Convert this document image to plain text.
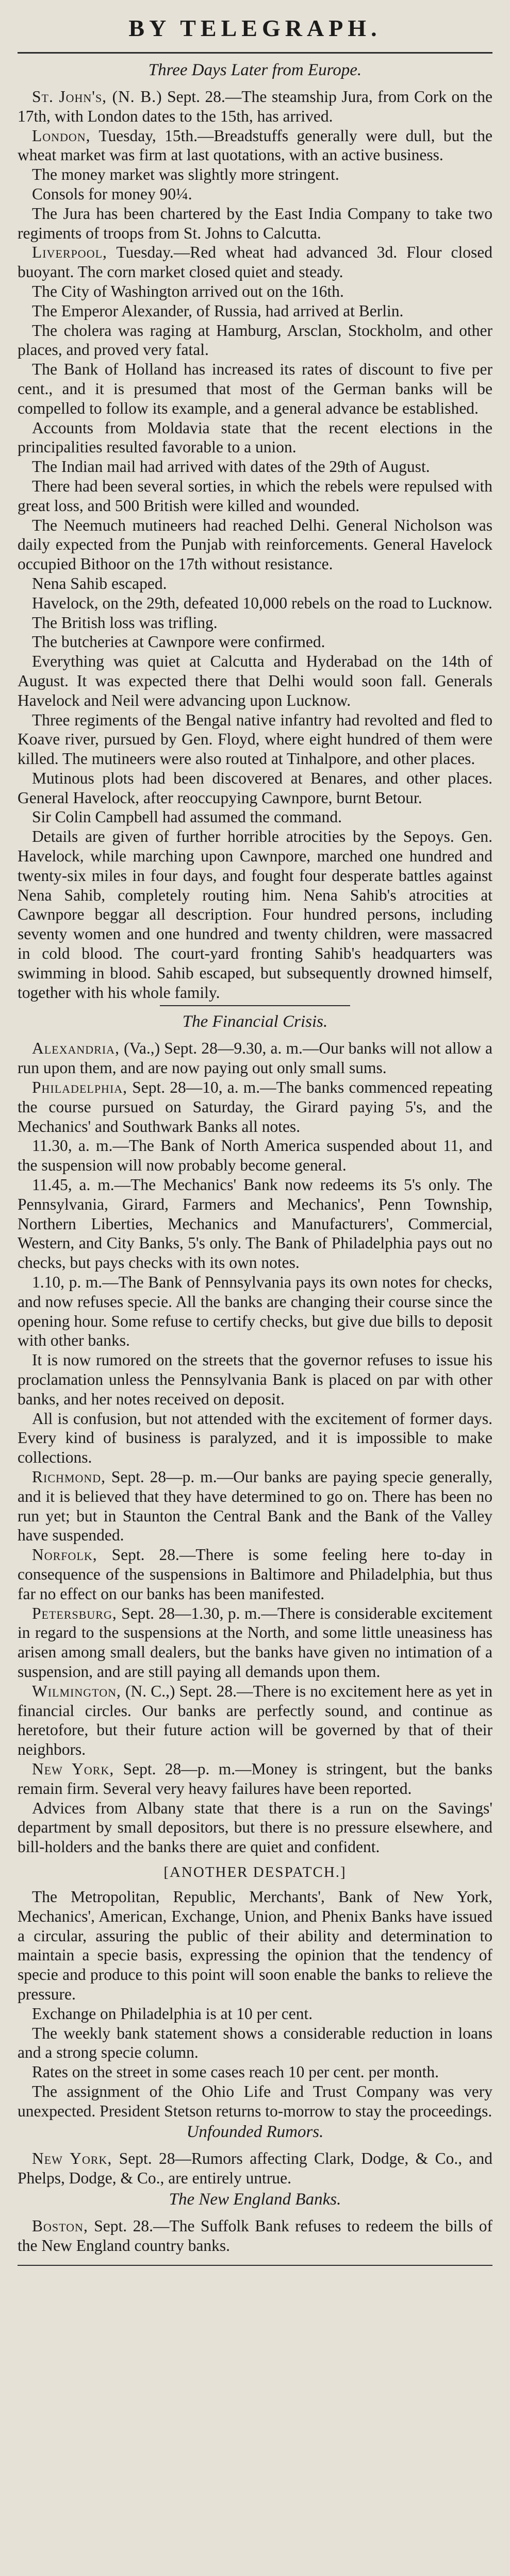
BY TELEGRAPH.
Three Days Later from Europe.

St. John's, (N. B.) Sept. 28.—The steamship Jura, from Cork on the 17th, with London dates to the 15th, has arrived.

London, Tuesday, 15th.—Breadstuffs generally were dull, but the wheat market was firm at last quotations, with an active business.

The money market was slightly more stringent.

Consols for money 90¼.

The Jura has been chartered by the East India Company to take two regiments of troops from St. Johns to Calcutta.

Liverpool, Tuesday.—Red wheat had advanced 3d. Flour closed buoyant. The corn market closed quiet and steady.

The City of Washington arrived out on the 16th.

The Emperor Alexander, of Russia, had arrived at Berlin.

The cholera was raging at Hamburg, Arsclan, Stockholm, and other places, and proved very fatal.

The Bank of Holland has increased its rates of discount to five per cent., and it is presumed that most of the German banks will be compelled to follow its example, and a general advance be established.

Accounts from Moldavia state that the recent elections in the principalities resulted favorable to a union.

The Indian mail had arrived with dates of the 29th of August.

There had been several sorties, in which the rebels were repulsed with great loss, and 500 British were killed and wounded.

The Neemuch mutineers had reached Delhi. General Nicholson was daily expected from the Punjab with reinforcements. General Havelock occupied Bithoor on the 17th without resistance.

Nena Sahib escaped.

Havelock, on the 29th, defeated 10,000 rebels on the road to Lucknow.

The British loss was trifling.

The butcheries at Cawnpore were confirmed.

Everything was quiet at Calcutta and Hyderabad on the 14th of August. It was expected there that Delhi would soon fall. Generals Havelock and Neil were advancing upon Lucknow.

Three regiments of the Bengal native infantry had revolted and fled to Koave river, pursued by Gen. Floyd, where eight hundred of them were killed. The mutineers were also routed at Tinhalpore, and other places.

Mutinous plots had been discovered at Benares, and other places. General Havelock, after reoccupying Cawnpore, burnt Betour.

Sir Colin Campbell had assumed the command.

Details are given of further horrible atrocities by the Sepoys. Gen. Havelock, while marching upon Cawnpore, marched one hundred and twenty-six miles in four days, and fought four desperate battles against Nena Sahib, completely routing him. Nena Sahib's atrocities at Cawnpore beggar all description. Four hundred persons, including seventy women and one hundred and twenty children, were massacred in cold blood. The court-yard fronting Sahib's headquarters was swimming in blood. Sahib escaped, but subsequently drowned himself, together with his whole family.

The Financial Crisis.

Alexandria, (Va.,) Sept. 28—9.30, a. m.—Our banks will not allow a run upon them, and are now paying out only small sums.

Philadelphia, Sept. 28—10, a. m.—The banks commenced repeating the course pursued on Saturday, the Girard paying 5's, and the Mechanics' and Southwark Banks all notes.

11.30, a. m.—The Bank of North America suspended about 11, and the suspension will now probably become general.

11.45, a. m.—The Mechanics' Bank now redeems its 5's only. The Pennsylvania, Girard, Farmers and Mechanics', Penn Township, Northern Liberties, Mechanics and Manufacturers', Commercial, Western, and City Banks, 5's only. The Bank of Philadelphia pays out no checks, but pays checks with its own notes.

1.10, p. m.—The Bank of Pennsylvania pays its own notes for checks, and now refuses specie. All the banks are changing their course since the opening hour. Some refuse to certify checks, but give due bills to deposit with other banks.

It is now rumored on the streets that the governor refuses to issue his proclamation unless the Pennsylvania Bank is placed on par with other banks, and her notes received on deposit.

All is confusion, but not attended with the excitement of former days. Every kind of business is paralyzed, and it is impossible to make collections.

Richmond, Sept. 28—p. m.—Our banks are paying specie generally, and it is believed that they have determined to go on. There has been no run yet; but in Staunton the Central Bank and the Bank of the Valley have suspended.

Norfolk, Sept. 28.—There is some feeling here to-day in consequence of the suspensions in Baltimore and Philadelphia, but thus far no effect on our banks has been manifested.

Petersburg, Sept. 28—1.30, p. m.—There is considerable excitement in regard to the suspensions at the North, and some little uneasiness has arisen among small dealers, but the banks have given no intimation of a suspension, and are still paying all demands upon them.

Wilmington, (N. C.,) Sept. 28.—There is no excitement here as yet in financial circles. Our banks are perfectly sound, and continue as heretofore, but their future action will be governed by that of their neighbors.

New York, Sept. 28—p. m.—Money is stringent, but the banks remain firm. Several very heavy failures have been reported.

Advices from Albany state that there is a run on the Savings' department by small depositors, but there is no pressure elsewhere, and bill-holders and the banks there are quiet and confident.

[ANOTHER DESPATCH.]

The Metropolitan, Republic, Merchants', Bank of New York, Mechanics', American, Exchange, Union, and Phenix Banks have issued a circular, assuring the public of their ability and determination to maintain a specie basis, expressing the opinion that the tendency of specie and produce to this point will soon enable the banks to relieve the pressure.

Exchange on Philadelphia is at 10 per cent.

The weekly bank statement shows a considerable reduction in loans and a strong specie column.

Rates on the street in some cases reach 10 per cent. per month.

The assignment of the Ohio Life and Trust Company was very unexpected. President Stetson returns to-morrow to stay the proceedings.

Unfounded Rumors.

New York, Sept. 28—Rumors affecting Clark, Dodge, & Co., and Phelps, Dodge, & Co., are entirely untrue.

The New England Banks.

Boston, Sept. 28.—The Suffolk Bank refuses to redeem the bills of the New England country banks.
